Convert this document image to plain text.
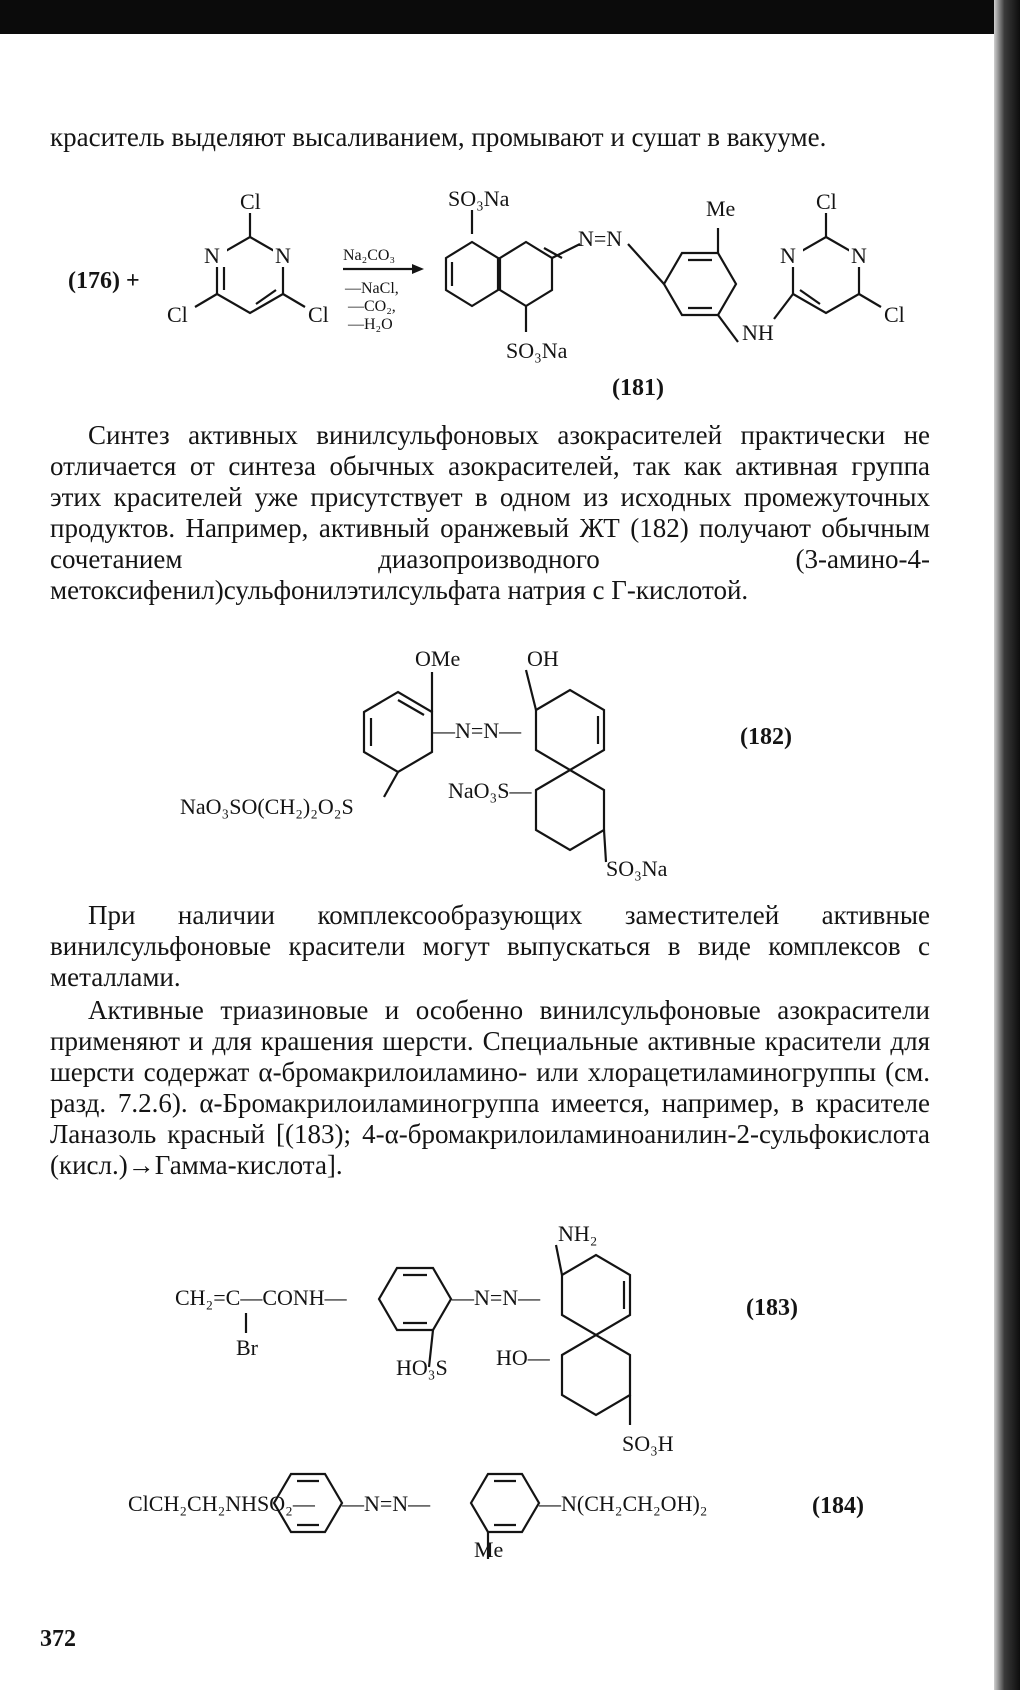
краситель выделяют высаливанием, промывают и сушат в вакууме.
(176) +
N	N
Cl
Cl	Cl
Na₂CO₃
—NaCl,
—CO₂,
—H₂O
SO₃Na
SO₃Na
N=N
Me
NH
N	N
Cl
Cl
(181)

Синтез активных винилсульфоновых азокрасителей практически не отличается от синтеза обычных азокрасителей, так как активная группа этих красителей уже присутствует в одном из исходных промежуточных продуктов. Например, активный оранжевый ЖТ (182) получают обычным сочетанием диазопроизводного (3-амино-4-метоксифенил)сульфонилэтилсульфата натрия с Г-кислотой.

OMe	OH
—N=N—
NaO₃SO(CH₂)₂O₂S
NaO₃S—
SO₃Na
(182)

При наличии комплексообразующих заместителей активные винилсульфоновые красители могут выпускаться в виде комплексов с металлами.

Активные триазиновые и особенно винилсульфоновые азокрасители применяют и для крашения шерсти. Специальные активные красители для шерсти содержат α-бромакрилоиламино- или хлорацетиламиногруппы (см. разд. 7.2.6). α-Бромакрилоиламиногруппа имеется, например, в красителе Ланазоль красный [(183); 4-α-бромакрилоиламиноанилин-2-сульфокислота (кисл.)→Гамма-кислота].

NH₂
CH₂=C—CONH—
Br
—N=N—
HO₃S HO—
SO₃H
(183)
ClCH₂CH₂NHSO₂— —N=N—	—N(CH₂CH₂OH)₂
Me
(184)
372
